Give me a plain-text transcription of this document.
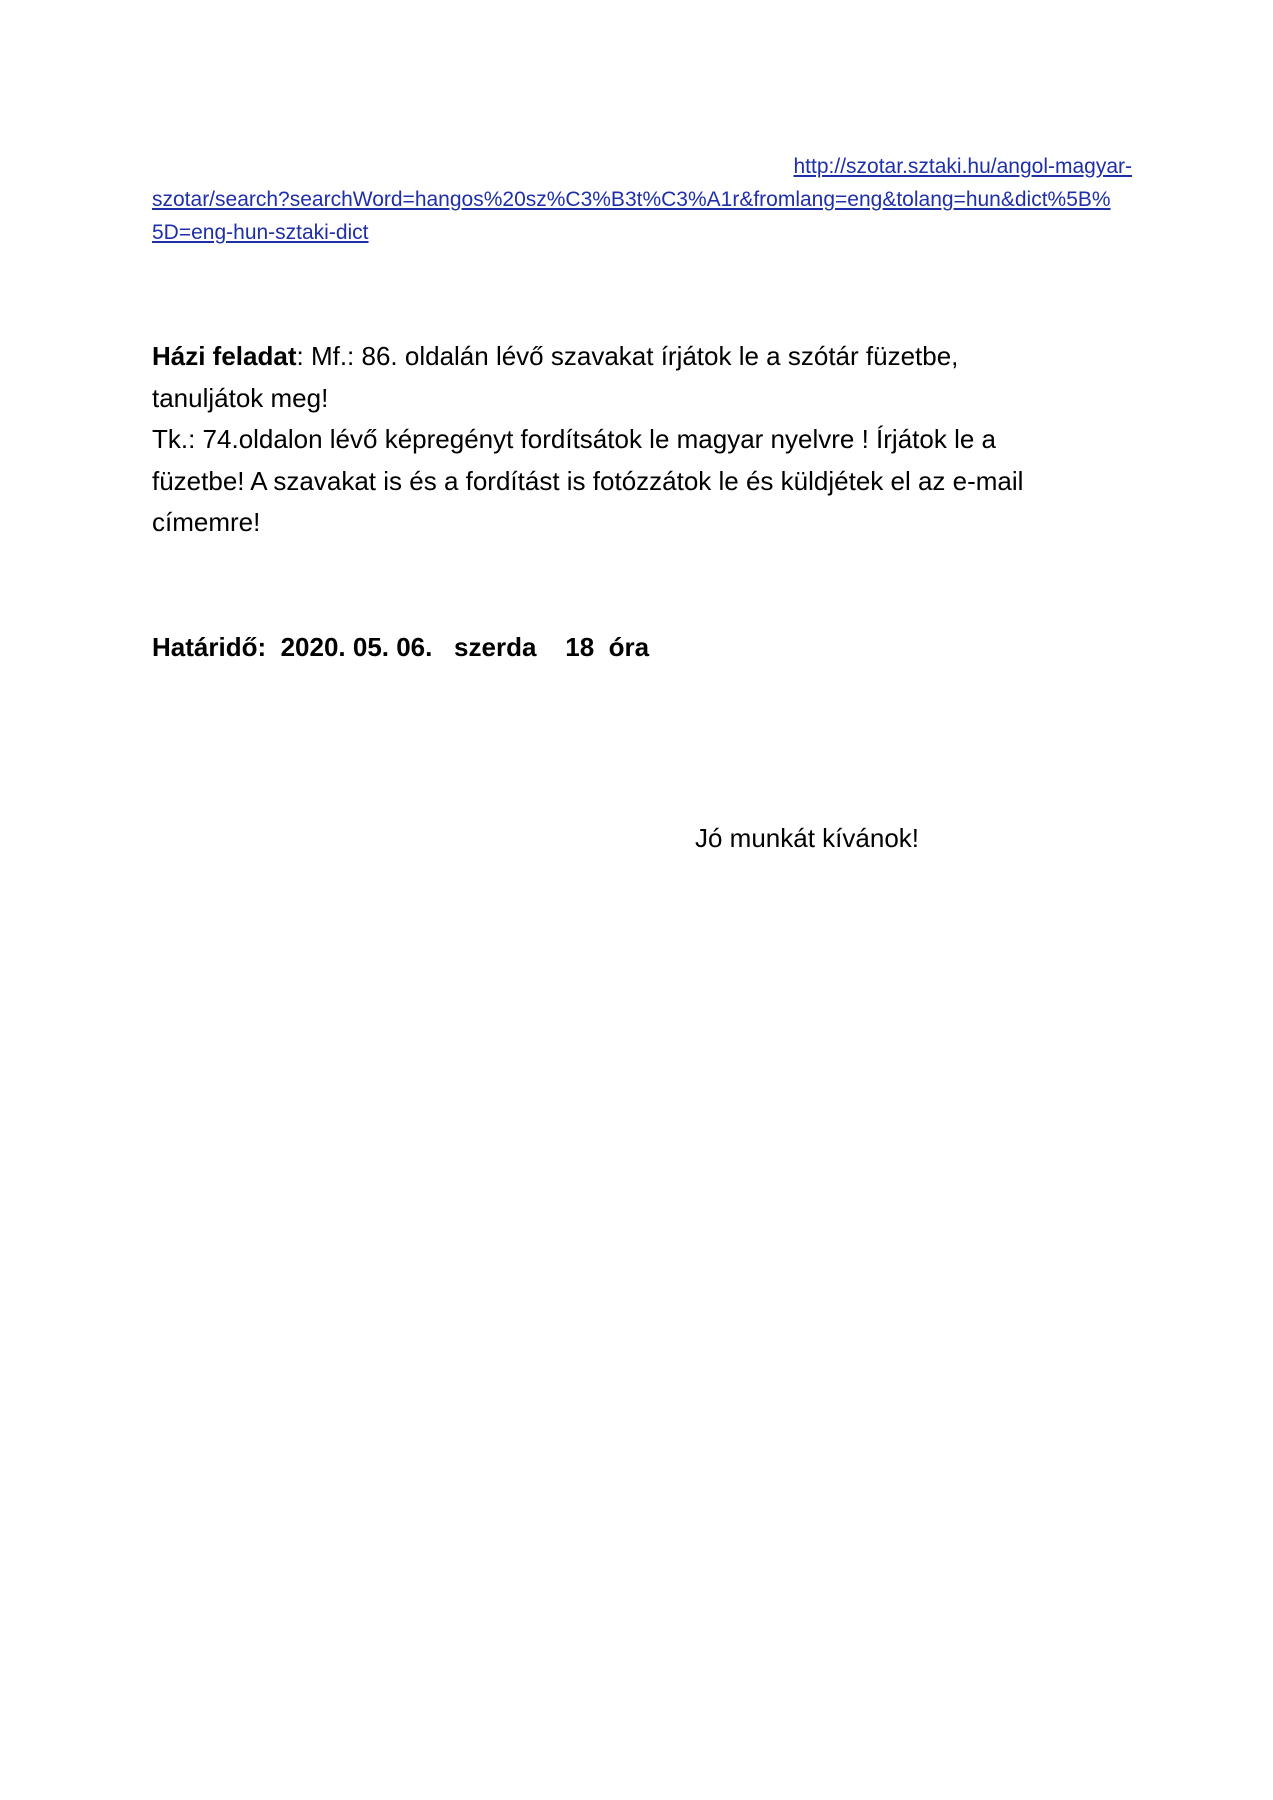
http://szotar.sztaki.hu/angol-magyar-
szotar/search?searchWord=hangos%20sz%C3%B3t%C3%A1r&fromlang=eng&tolang=hun&dict%5B%
5D=eng-hun-sztaki-dict
Házi feladat: Mf.: 86. oldalán lévő szavakat írjátok le a szótár füzetbe,
tanuljátok meg!
Tk.: 74.oldalon lévő képregényt fordítsátok le magyar nyelvre ! Írjátok le a
füzetbe! A szavakat is és a fordítást is fotózzátok le és küldjétek el az e-mail
címemre!
Határidő:  2020. 05. 06.   szerda    18  óra
Jó munkát kívánok!
